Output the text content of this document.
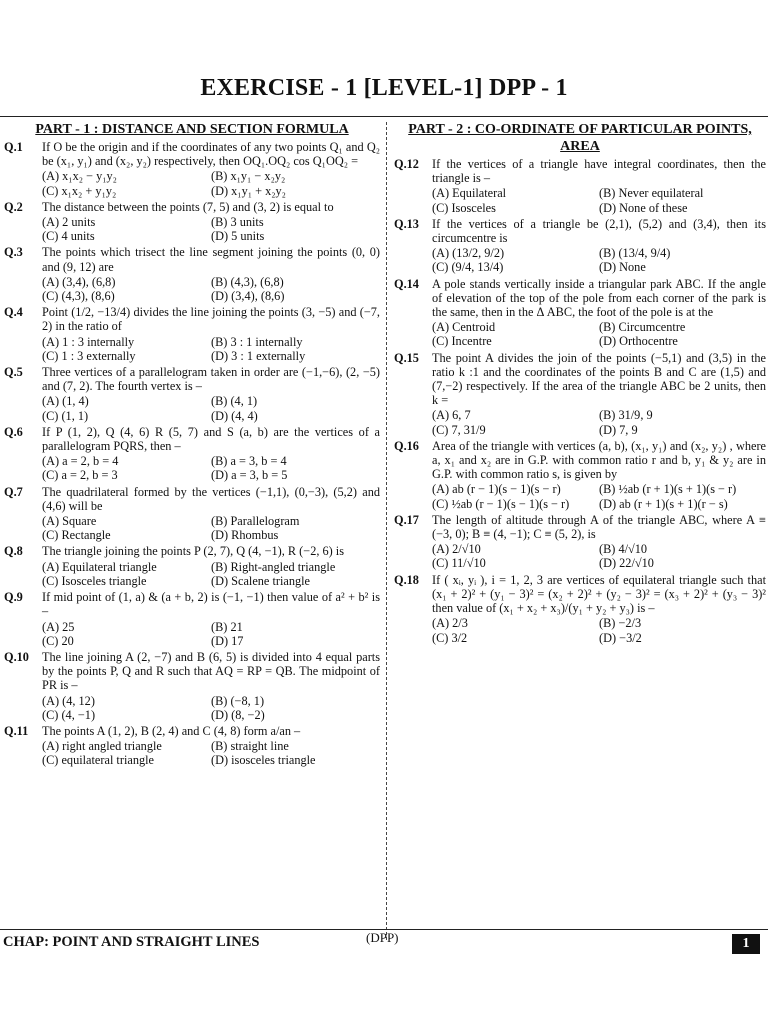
EXERCISE - 1 [LEVEL-1] DPP - 1
PART - 1 : DISTANCE AND SECTION FORMULA
Q.1	If O be the origin and if the coordinates of any two points Q₁ and Q₂ be (x₁, y₁) and (x₂, y₂) respectively, then OQ₁.OQ₂ cos Q₁OQ₂ =
(A) x₁x₂ − y₁y₂	(B) x₁y₁ − x₂y₂
(C) x₁x₂ + y₁y₂	(D) x₁y₁ + x₂y₂
Q.2	The distance between the points (7, 5) and (3, 2) is equal to
(A) 2 units	(B) 3 units
(C) 4 units	(D) 5 units
Q.3	The points which trisect the line segment joining the points (0, 0) and (9, 12) are
(A) (3,4), (6,8)	(B) (4,3), (6,8)
(C) (4,3), (8,6)	(D) (3,4), (8,6)
Q.4	Point (1/2, −13/4) divides the line joining the points (3, −5) and (−7, 2) in the ratio of
(A) 1 : 3 internally	(B) 3 : 1 internally
(C) 1 : 3 externally	(D) 3 : 1 externally
Q.5	Three vertices of a parallelogram taken in order are (−1,−6), (2, −5) and (7, 2). The fourth vertex is –
(A) (1, 4)	(B) (4, 1)
(C) (1, 1)	(D) (4, 4)
Q.6	If P (1, 2), Q (4, 6) R (5, 7) and S (a, b) are the vertices of a parallelogram PQRS, then –
(A) a = 2, b = 4	(B) a = 3, b = 4
(C) a = 2, b = 3	(D) a = 3, b = 5
Q.7	The quadrilateral formed by the vertices (−1,1), (0,−3), (5,2) and (4,6) will be
(A) Square	(B) Parallelogram
(C) Rectangle	(D) Rhombus
Q.8	The triangle joining the points P (2, 7), Q (4, −1), R (−2, 6) is
(A) Equilateral triangle	(B) Right-angled triangle
(C) Isosceles triangle	(D) Scalene triangle
Q.9	If mid point of (1, a) & (a + b, 2) is (−1, −1) then value of a² + b² is –
(A) 25	(B) 21
(C) 20	(D) 17
Q.10	The line joining A (2, −7) and B (6, 5) is divided into 4 equal parts by the points P, Q and R such that AQ = RP = QB. The midpoint of PR is –
(A) (4, 12)	(B) (−8, 1)
(C) (4, −1)	(D) (8, −2)
Q.11	The points A (1, 2), B (2, 4) and C (4, 8) form a/an –
(A) right angled triangle	(B) straight line
(C) equilateral triangle	(D) isosceles triangle
PART - 2 : CO-ORDINATE OF PARTICULAR POINTS, AREA
Q.12	If the vertices of a triangle have integral coordinates, then the triangle is –
(A) Equilateral	(B) Never equilateral
(C) Isosceles	(D) None of these
Q.13	If the vertices of a triangle be (2,1), (5,2) and (3,4), then its circumcentre is
(A) (13/2, 9/2)	(B) (13/4, 9/4)
(C) (9/4, 13/4)	(D) None
Q.14	A pole stands vertically inside a triangular park ABC. If the angle of elevation of the top of the pole from each corner of the park is the same, then in the Δ ABC, the foot of the pole is at the
(A) Centroid	(B) Circumcentre
(C) Incentre	(D) Orthocentre
Q.15	The point A divides the join of the points (−5,1) and (3,5) in the ratio k :1 and the coordinates of the points B and C are (1,5) and (7,−2) respectively. If the area of the triangle ABC be 2 units, then k =
(A) 6, 7	(B) 31/9, 9
(C) 7, 31/9	(D) 7, 9
Q.16	Area of the triangle with vertices (a, b), (x₁, y₁) and (x₂, y₂) , where a, x₁ and x₂ are in G.P. with common ratio r and b, y₁ & y₂ are in G.P. with common ratio s, is given by
(A) ab (r − 1)(s − 1)(s − r)	(B) ½ab (r + 1)(s + 1)(s − r)
(C) ½ab (r − 1)(s − 1)(s − r)	(D) ab (r + 1)(s + 1)(r − s)
Q.17	The length of altitude through A of the triangle ABC, where A ≡ (−3, 0); B ≡ (4, −1); C ≡ (5, 2), is
(A) 2/√10	(B) 4/√10
(C) 11/√10	(D) 22/√10
Q.18	If ( xᵢ, yᵢ ), i = 1, 2, 3 are vertices of equilateral triangle such that (x₁ + 2)² + (y₁ − 3)² = (x₂ + 2)² + (y₂ − 3)² = (x₃ + 2)² + (y₃ − 3)² then value of (x₁ + x₂ + x₃)/(y₁ + y₂ + y₃) is –
(A) 2/3	(B) −2/3
(C) 3/2	(D) −3/2
CHAP: POINT AND STRAIGHT LINES	(DPP)	1
